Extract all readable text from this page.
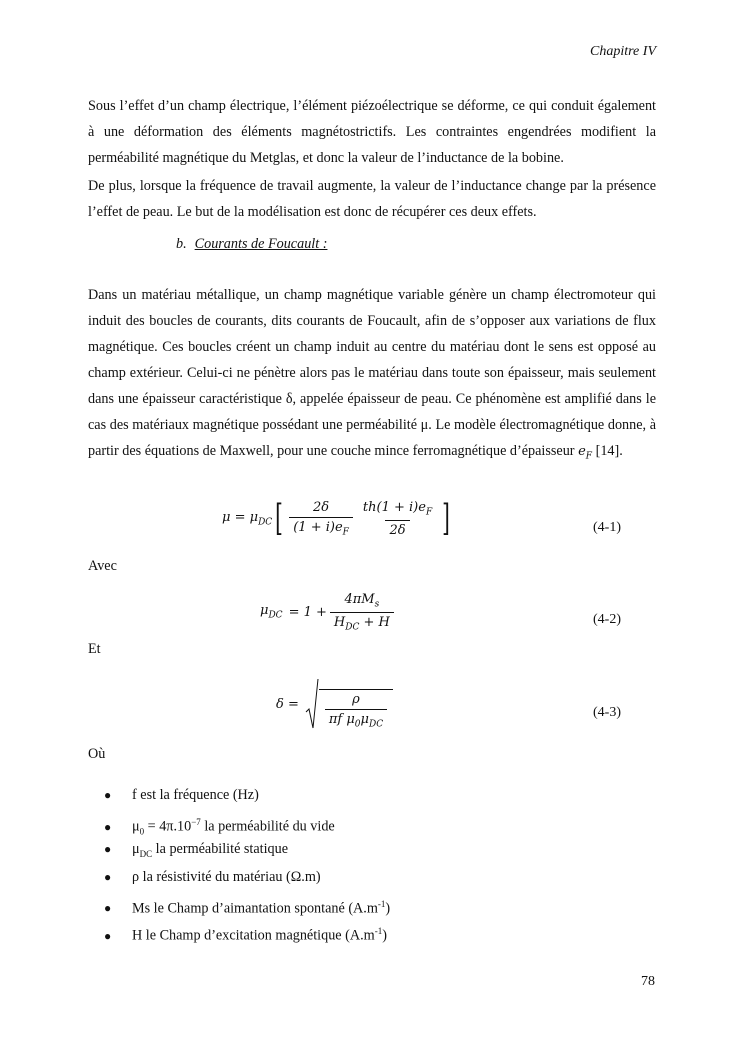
Chapitre IV

Sous l’effet d’un champ électrique, l’élément piézoélectrique se déforme, ce qui conduit également à une déformation des éléments magnétostrictifs. Les contraintes engendrées modifient la perméabilité magnétique du Metglas, et donc la valeur de l’inductance de la bobine.

De plus, lorsque la fréquence de travail augmente, la valeur de l’inductance change par la présence l’effet de peau. Le but de la modélisation est donc de récupérer ces deux effets.

b. Courants de Foucault :

Dans un matériau métallique, un champ magnétique variable génère un champ électromoteur qui induit des boucles de courants, dits courants de Foucault, afin de s’opposer aux variations de flux magnétique. Ces boucles créent un champ induit au centre du matériau dont le sens est opposé au champ extérieur. Celui-ci ne pénètre alors pas le matériau dans toute son épaisseur, mais seulement dans une épaisseur caractéristique δ, appelée épaisseur de peau. Ce phénomène est amplifié dans le cas des matériaux magnétique possédant une perméabilité μ. Le modèle électromagnétique donne, à partir des équations de Maxwell, pour une couche mince ferromagnétique d’épaisseur $e_F$ [14].

$\mu = \mu_{DC}$ [ $\frac{2\delta}{(1 + i)e_F} \frac{th(1 + i)e_F}{2\delta}$ ]	(4-1)
Avec
$\mu_{DC} = 1 + \frac{4\pi M_s}{H_{DC} + H}$	(4-2)
Et
$\delta = \frac{\rho}{\pi f \mu_0\mu_{DC}}$	(4-3)
Où
● f est la fréquence (Hz)
● $\mu_0 = 4\pi.10^{-7}$ la perméabilité du vide
● $\mu_{DC}$ la perméabilité statique
● ρ la résistivité du matériau (Ω.m)
● Ms le Champ d’aimantation spontané $(A.m^{-1})$
● H le Champ d’excitation magnétique $(A.m^{-1})$
78
